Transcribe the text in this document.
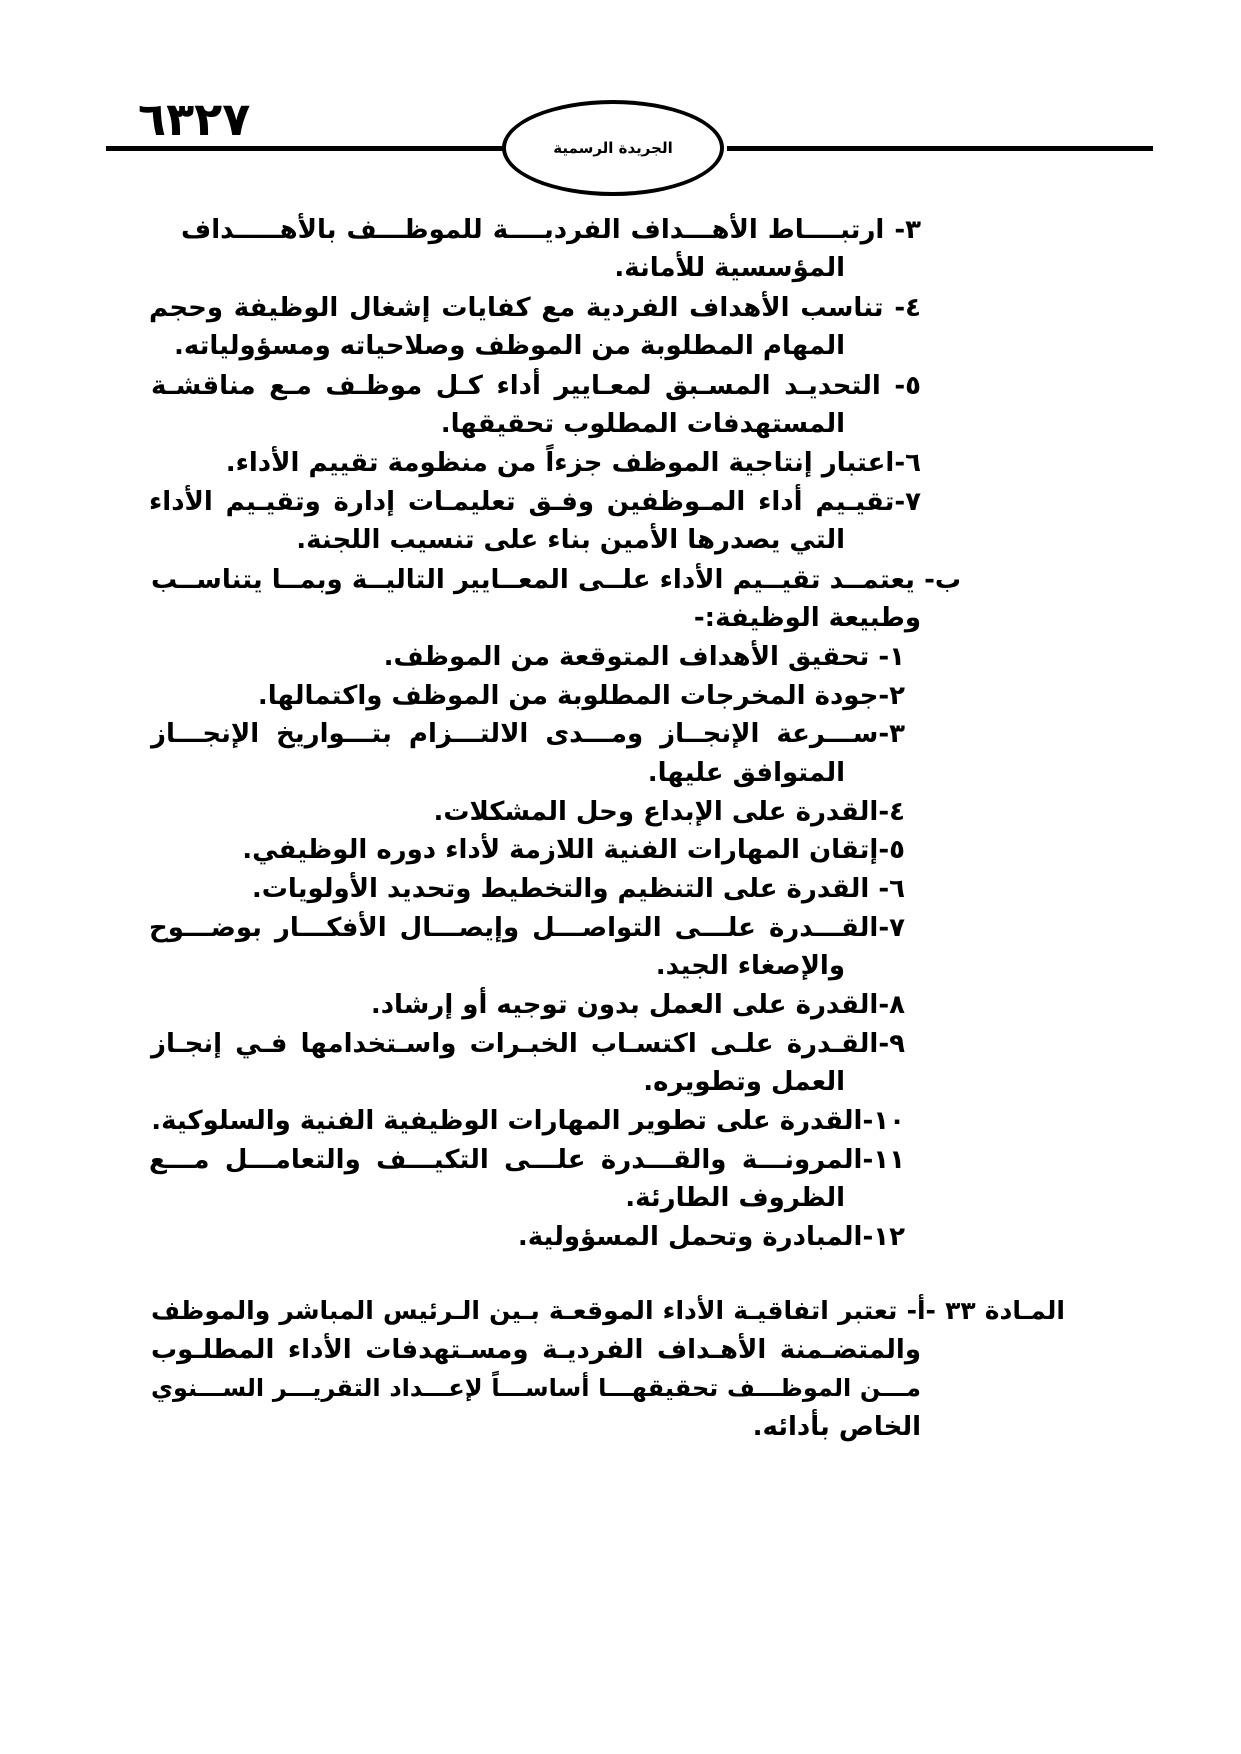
٦٣٢٧
الجريدة الرسمية
٣- ارتبــــاط الأهـــداف الفرديــــة للموظـــف بالأهـــــداف
المؤسسية للأمانة.
٤- تناسب الأهداف الفردية مع كفايات إشغال الوظيفة وحجم
المهام المطلوبة من الموظف وصلاحياته ومسؤولياته.
٥- التحديـد المسـبق لمعـايير أداء كـل موظـف مـع مناقشـة
المستهدفات المطلوب تحقيقها.
٦-اعتبار إنتاجية الموظف جزءاً من منظومة تقييم الأداء.
٧-تقيـيم أداء المـوظفين وفـق تعليمـات إدارة وتقيـيم الأداء
التي يصدرها الأمين بناء على تنسيب اللجنة.
ب- يعتمــد تقيــيم الأداء علــى المعــايير التاليــة وبمــا يتناســب
وطبيعة الوظيفة:-
١- تحقيق الأهداف المتوقعة من الموظف.
٢-جودة المخرجات المطلوبة من الموظف واكتمالها.
٣-ســـرعة الإنجــاز ومـــدى الالتـــزام بتـــواريخ الإنجـــاز
المتوافق عليها.
٤-القدرة على الإبداع وحل المشكلات.
٥-إتقان المهارات الفنية اللازمة لأداء دوره الوظيفي.
٦- القدرة على التنظيم والتخطيط وتحديد الأولويات.
٧-القـــدرة علـــى التواصـــل وإيصـــال الأفكـــار بوضـــوح
والإصغاء الجيد.
٨-القدرة على العمل بدون توجيه أو إرشاد.
٩-القـدرة علـى اكتسـاب الخبـرات واسـتخدامها فـي إنجـاز
العمل وتطويره.
١٠-القدرة على تطوير المهارات الوظيفية الفنية والسلوكية.
١١-المرونـــة والقـــدرة علـــى التكيـــف والتعامـــل مـــع
الظروف الطارئة.
١٢-المبادرة وتحمل المسؤولية.
المـادة ٣٣ -أ- تعتبر اتفاقيـة الأداء الموقعـة بـين الـرئيس المباشر والموظف
والمتضـمنة الأهـداف الفرديـة ومسـتهدفات الأداء المطلـوب
مـــن الموظـــف تحقيقهـــا أساســـاً لإعـــداد التقريـــر الســـنوي
الخاص بأدائه.
